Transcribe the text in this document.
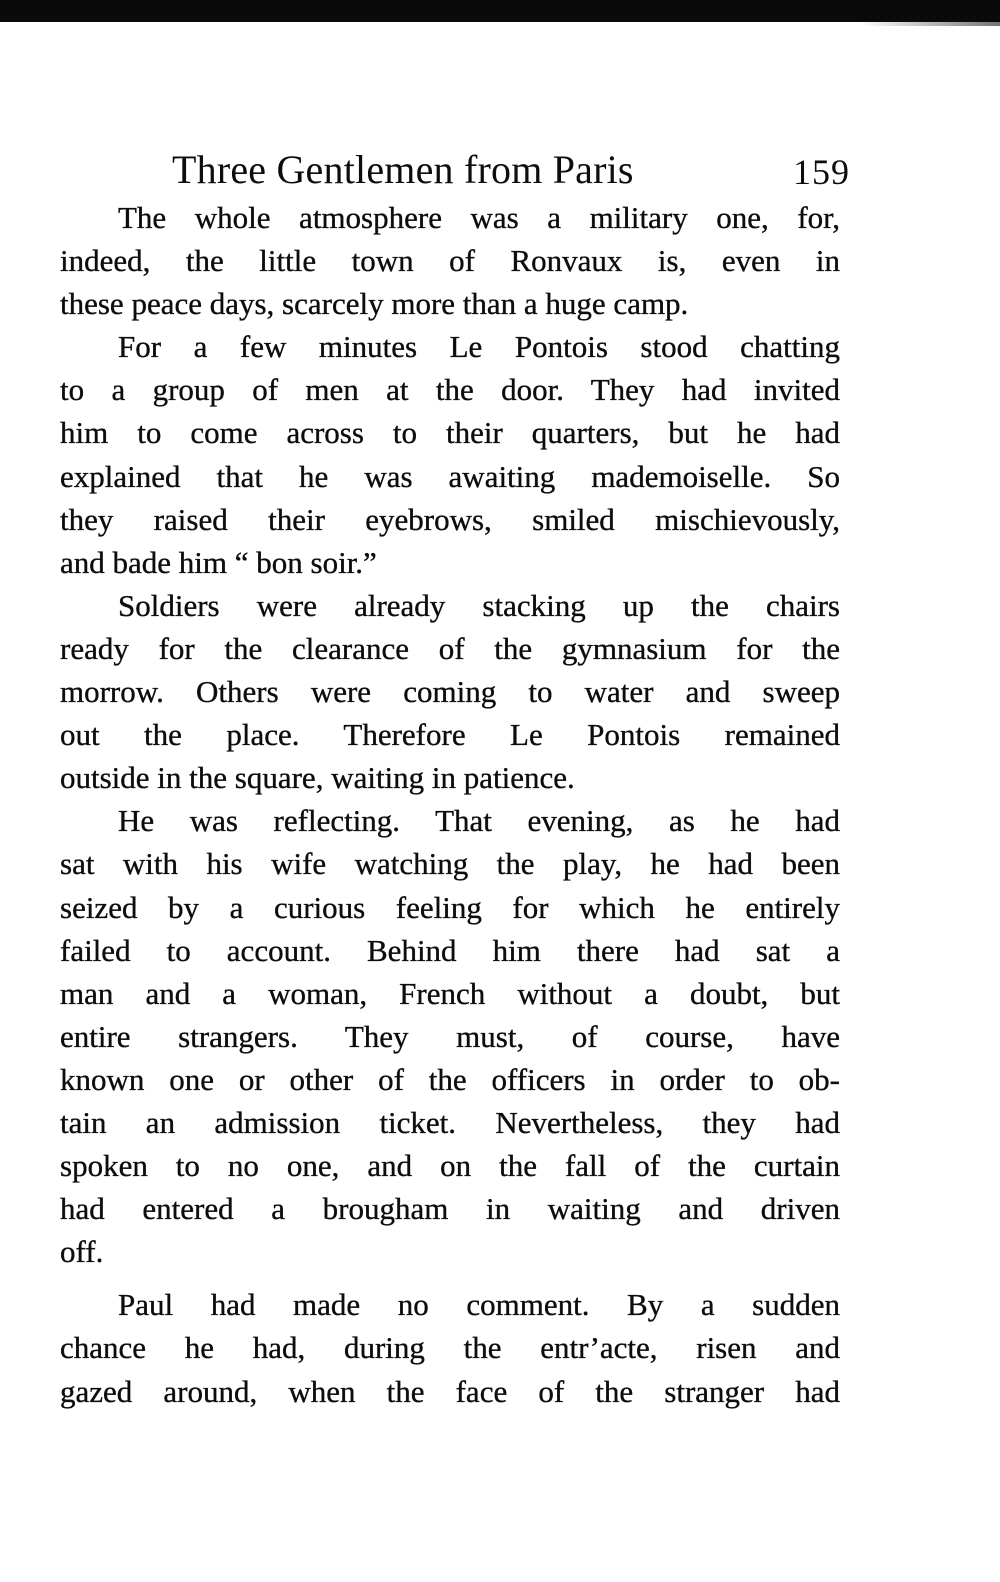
Three Gentlemen from Paris	159
The whole atmosphere was a military one, for,
indeed, the little town of Ronvaux is, even in
these peace days, scarcely more than a huge camp.
For a few minutes Le Pontois stood chatting
to a group of men at the door. They had invited
him to come across to their quarters, but he had
explained that he was awaiting mademoiselle. So
they raised their eyebrows, smiled mischievously,
and bade him “ bon soir.”
Soldiers were already stacking up the chairs
ready for the clearance of the gymnasium for the
morrow. Others were coming to water and sweep
out the place. Therefore Le Pontois remained
outside in the square, waiting in patience.
He was reflecting. That evening, as he had
sat with his wife watching the play, he had been
seized by a curious feeling for which he entirely
failed to account. Behind him there had sat a
man and a woman, French without a doubt, but
entire strangers. They must, of course, have
known one or other of the officers in order to ob-
tain an admission ticket. Nevertheless, they had
spoken to no one, and on the fall of the curtain
had entered a brougham in waiting and driven
off.
Paul had made no comment. By a sudden
chance he had, during the entr’acte, risen and
gazed around, when the face of the stranger had
